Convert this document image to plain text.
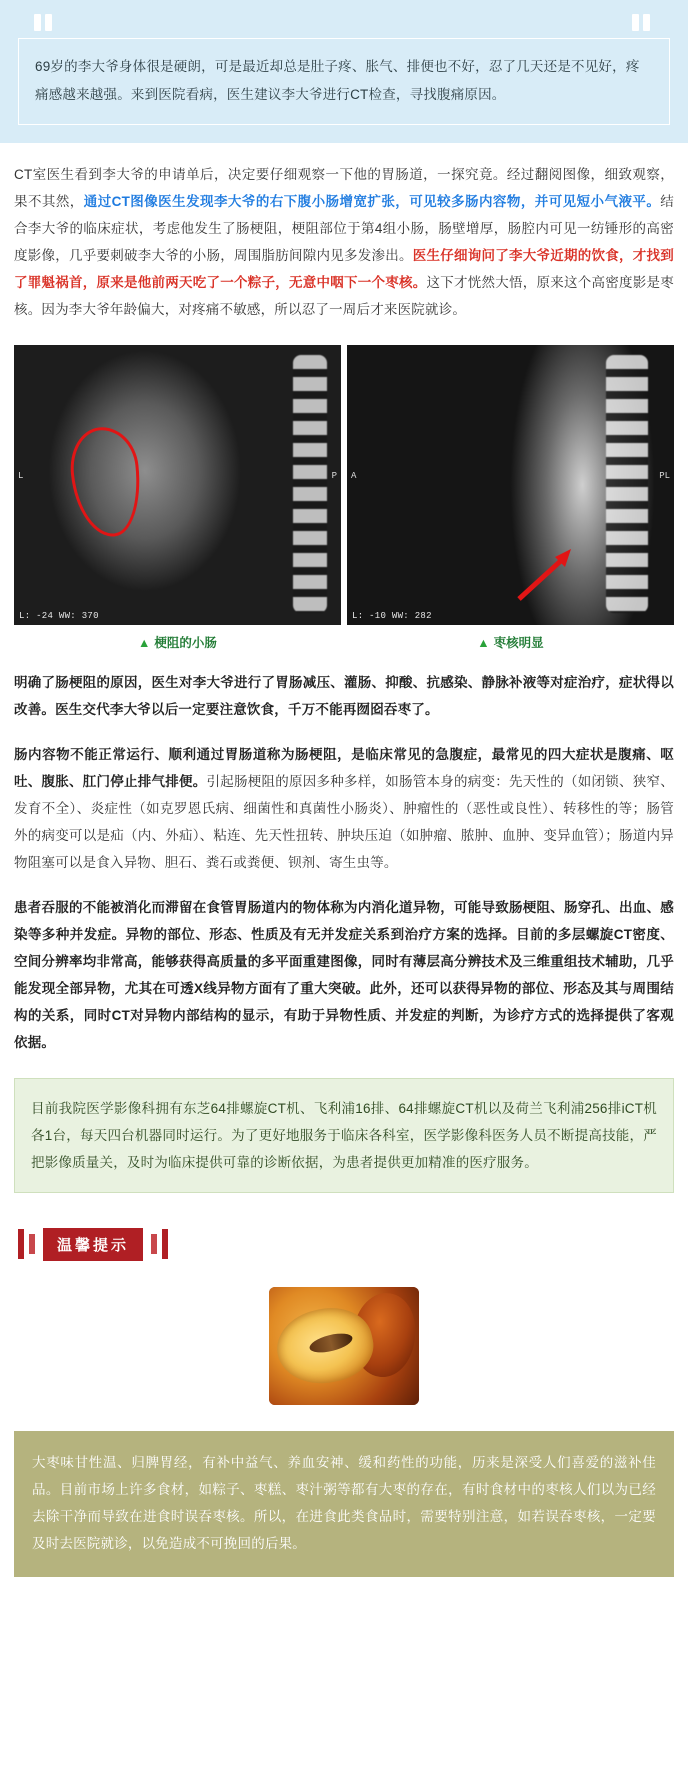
69岁的李大爷身体很是硬朗，可是最近却总是肚子疼、胀气、排便也不好，忍了几天还是不见好，疼痛感越来越强。来到医院看病，医生建议李大爷进行CT检查，寻找腹痛原因。

CT室医生看到李大爷的申请单后，决定要仔细观察一下他的胃肠道，一探究竟。经过翻阅图像，细致观察，果不其然，通过CT图像医生发现李大爷的右下腹小肠增宽扩张，可见较多肠内容物，并可见短小气液平。结合李大爷的临床症状，考虑他发生了肠梗阻，梗阻部位于第4组小肠，肠壁增厚，肠腔内可见一纺锤形的高密度影像，几乎要刺破李大爷的小肠，周围脂肪间隙内见多发渗出。医生仔细询问了李大爷近期的饮食，才找到了罪魁祸首，原来是他前两天吃了一个粽子，无意中咽下一个枣核。这下才恍然大悟，原来这个高密度影是枣核。因为李大爷年龄偏大，对疼痛不敏感，所以忍了一周后才来医院就诊。

L	P
L: -24 WW: 370
A	PL
L: -10 WW: 282
▲ 梗阻的小肠	▲ 枣核明显

明确了肠梗阻的原因，医生对李大爷进行了胃肠减压、灌肠、抑酸、抗感染、静脉补液等对症治疗，症状得以改善。医生交代李大爷以后一定要注意饮食，千万不能再囫囵吞枣了。

肠内容物不能正常运行、顺利通过胃肠道称为肠梗阻，是临床常见的急腹症，最常见的四大症状是腹痛、呕吐、腹胀、肛门停止排气排便。引起肠梗阻的原因多种多样，如肠管本身的病变：先天性的（如闭锁、狭窄、发育不全）、炎症性（如克罗恩氏病、细菌性和真菌性小肠炎）、肿瘤性的（恶性或良性）、转移性的等；肠管外的病变可以是疝（内、外疝）、粘连、先天性扭转、肿块压迫（如肿瘤、脓肿、血肿、变异血管）；肠道内异物阻塞可以是食入异物、胆石、粪石或粪便、钡剂、寄生虫等。

患者吞服的不能被消化而滞留在食管胃肠道内的物体称为内消化道异物，可能导致肠梗阻、肠穿孔、出血、感染等多种并发症。异物的部位、形态、性质及有无并发症关系到治疗方案的选择。目前的多层螺旋CT密度、空间分辨率均非常高，能够获得高质量的多平面重建图像，同时有薄层高分辨技术及三维重组技术辅助，几乎能发现全部异物，尤其在可透X线异物方面有了重大突破。此外，还可以获得异物的部位、形态及其与周围结构的关系，同时CT对异物内部结构的显示，有助于异物性质、并发症的判断，为诊疗方式的选择提供了客观依据。

目前我院医学影像科拥有东芝64排螺旋CT机、飞利浦16排、64排螺旋CT机以及荷兰飞利浦256排iCT机各1台，每天四台机器同时运行。为了更好地服务于临床各科室，医学影像科医务人员不断提高技能，严把影像质量关，及时为临床提供可靠的诊断依据，为患者提供更加精准的医疗服务。
温馨提示
大枣味甘性温、归脾胃经，有补中益气、养血安神、缓和药性的功能，历来是深受人们喜爱的滋补佳品。目前市场上许多食材，如粽子、枣糕、枣汁粥等都有大枣的存在，有时食材中的枣核人们以为已经去除干净而导致在进食时误吞枣核。所以，在进食此类食品时，需要特别注意，如若误吞枣核，一定要及时去医院就诊，以免造成不可挽回的后果。
